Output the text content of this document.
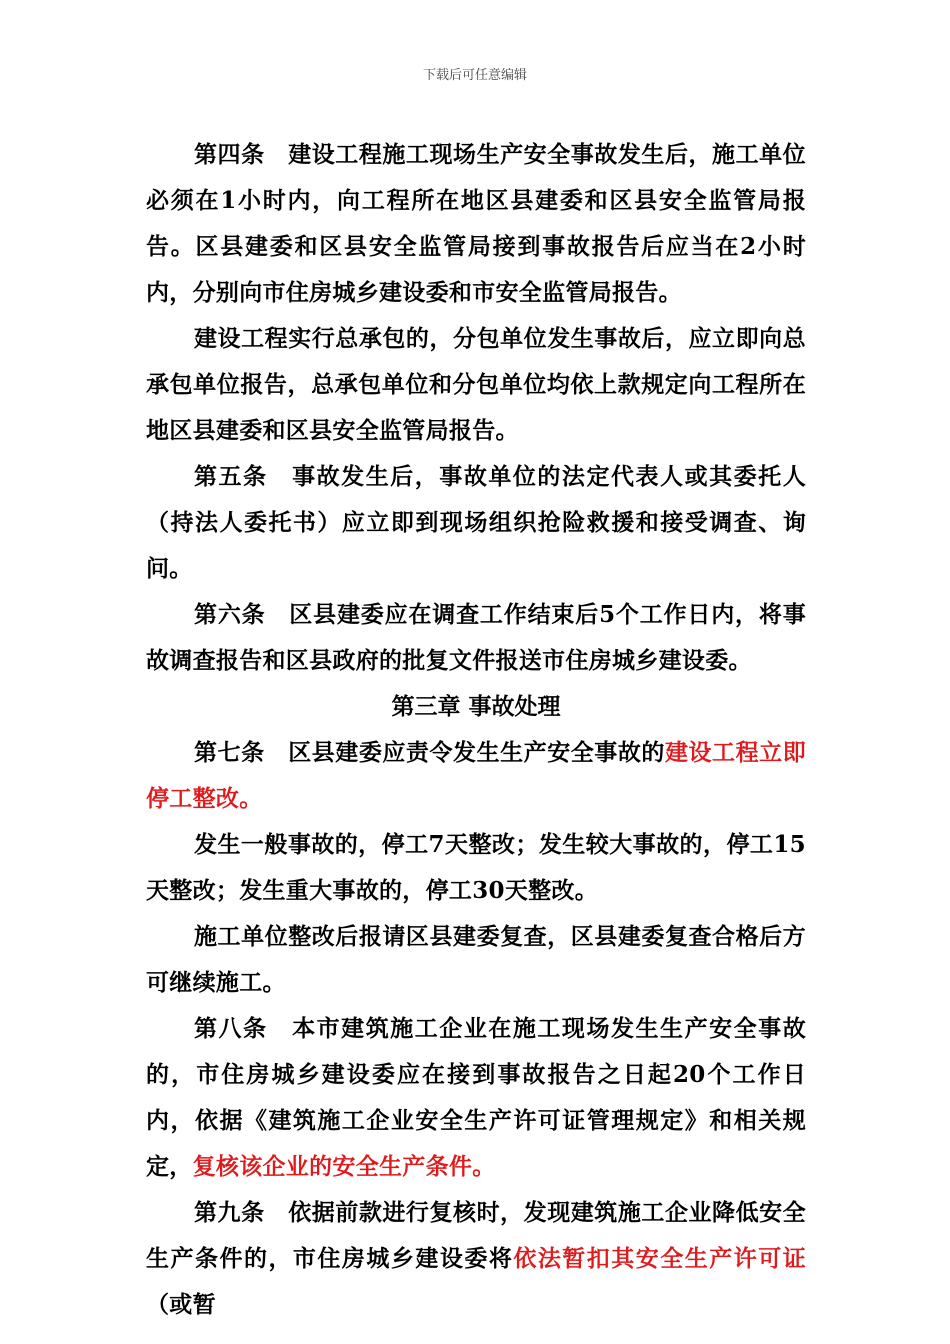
下载后可任意编辑

第四条　建设工程施工现场生产安全事故发生后，施工单位必须在1小时内，向工程所在地区县建委和区县安全监管局报告。区县建委和区县安全监管局接到事故报告后应当在2小时内，分别向市住房城乡建设委和市安全监管局报告。

建设工程实行总承包的，分包单位发生事故后，应立即向总承包单位报告，总承包单位和分包单位均依上款规定向工程所在地区县建委和区县安全监管局报告。

第五条　事故发生后，事故单位的法定代表人或其委托人（持法人委托书）应立即到现场组织抢险救援和接受调查、询问。

第六条　区县建委应在调查工作结束后5个工作日内，将事故调查报告和区县政府的批复文件报送市住房城乡建设委。

第三章 事故处理

第七条　区县建委应责令发生生产安全事故的建设工程立即停工整改。

发生一般事故的，停工7天整改；发生较大事故的，停工15天整改；发生重大事故的，停工30天整改。

施工单位整改后报请区县建委复查，区县建委复查合格后方可继续施工。

第八条　本市建筑施工企业在施工现场发生生产安全事故的，市住房城乡建设委应在接到事故报告之日起20个工作日内，依据《建筑施工企业安全生产许可证管理规定》和相关规定，复核该企业的安全生产条件。

第九条　依据前款进行复核时，发现建筑施工企业降低安全生产条件的，市住房城乡建设委将依法暂扣其安全生产许可证（或暂
